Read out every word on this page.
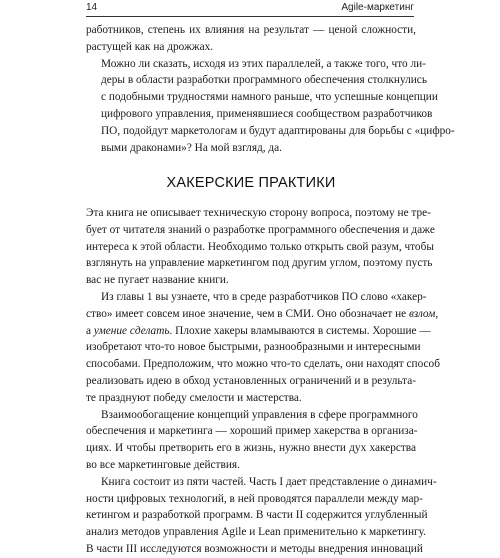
14	Agile-маркетинг

работников, степень их влияния на результат — ценой сложности,
растущей как на дрожжах.

Можно ли сказать, исходя из этих параллелей, а также того, что ли-
деры в области разработки программного обеспечения столкнулись
с подобными трудностями намного раньше, что успешные концепции
цифрового управления, применявшиеся сообществом разработчиков
ПО, подойдут маркетологам и будут адаптированы для борьбы с «цифро-
выми драконами»? На мой взгляд, да.

ХАКЕРСКИЕ ПРАКТИКИ

Эта книга не описывает техническую сторону вопроса, поэтому не тре-
бует от читателя знаний о разработке программного обеспечения и даже
интереса к этой области. Необходимо только открыть свой разум, чтобы
взглянуть на управление маркетингом под другим углом, поэтому пусть
вас не пугает название книги.

Из главы 1 вы узнаете, что в среде разработчиков ПО слово «хакер-
ство» имеет совсем иное значение, чем в СМИ. Оно обозначает не взлом,
а умение сделать. Плохие хакеры вламываются в системы. Хорошие —
изобретают что-то новое быстрыми, разнообразными и интересными
способами. Предположим, что можно что-то сделать, они находят способ
реализовать идею в обход установленных ограничений и в результа-
те празднуют победу смелости и мастерства.

Взаимообогащение концепций управления в сфере программного
обеспечения и маркетинга — хороший пример хакерства в организа-
циях. И чтобы претворить его в жизнь, нужно внести дух хакерства
во все маркетинговые действия.

Книга состоит из пяти частей. Часть I дает представление о динамич-
ности цифровых технологий, в ней проводятся параллели между мар-
кетингом и разработкой программ. В части II содержится углубленный
анализ методов управления Agile и Lean применительно к маркетингу.
В части III исследуются возможности и методы внедрения инноваций
